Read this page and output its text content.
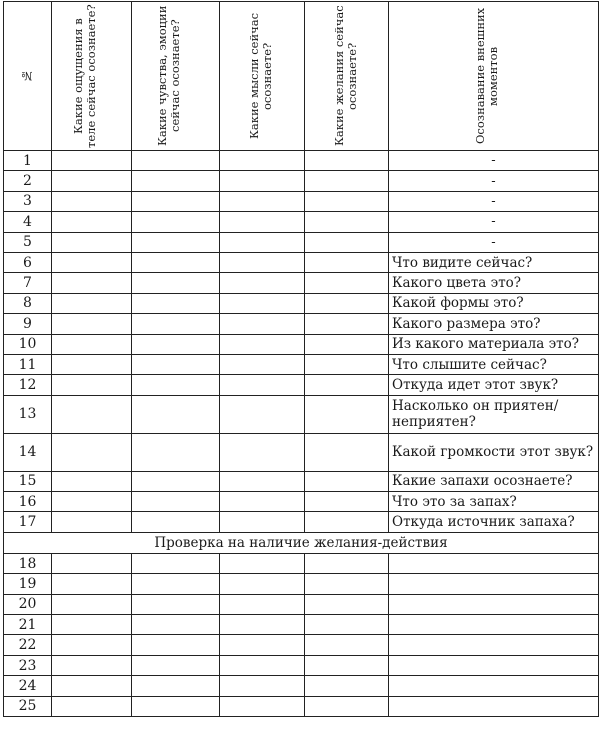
№	Какие ощущения в теле сейчас осознаете?	Какие чувства, эмоции сейчас осознаете?	Какие мысли сейчас осознаете?	Какие желания сейчас осознаете?	Осознавание внешних моментов

1					-
2					-
3					-
4					-
5					-
6					Что видите сейчас?
7					Какого цвета это?
8					Какой формы это?
9					Какого размера это?
10					Из какого материала это?
11					Что слышите сейчас?
12					Откуда идет этот звук?
13					Насколько он приятен/ неприятен?
14					Какой громкости этот звук?
15					Какие запахи осознаете?
16					Что это за запах?
17					Откуда источник запаха?
Проверка на наличие желания-действия					
18					
19					
20					
21					
22					
23					
24					
25					
